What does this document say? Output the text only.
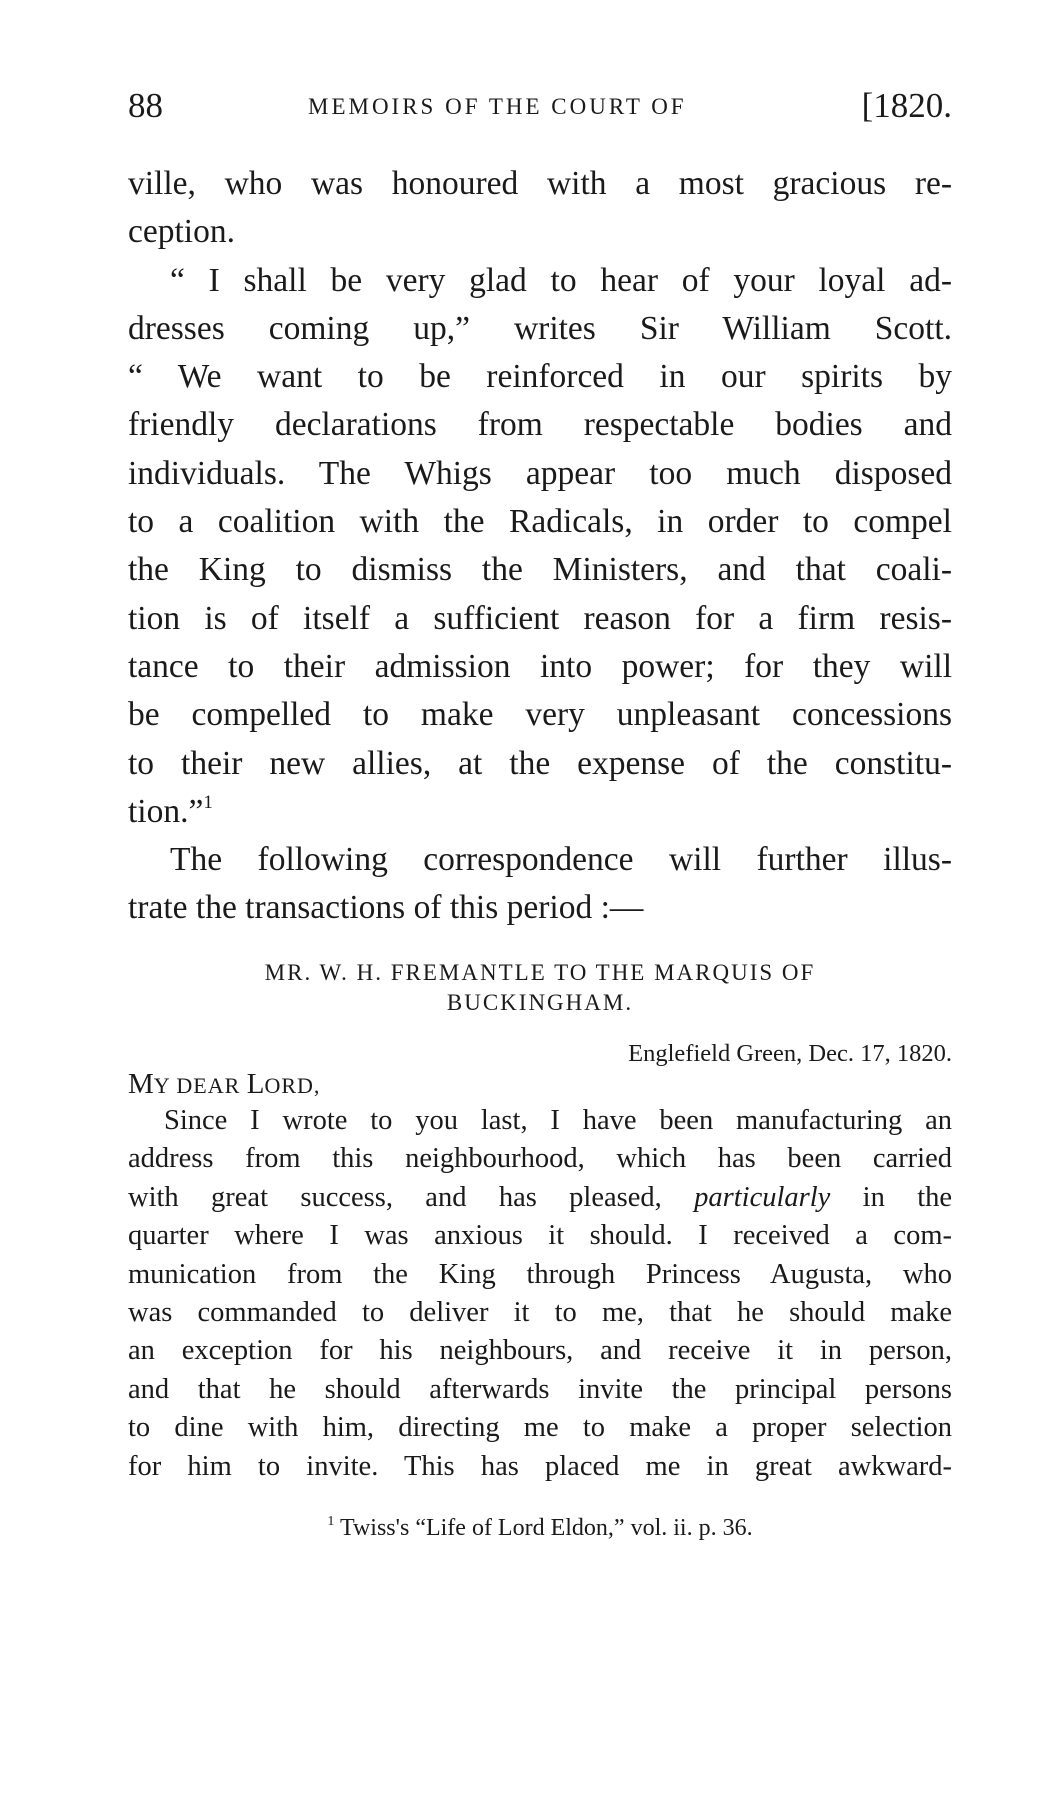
88	MEMOIRS OF THE COURT OF	[1820.
ville, who was honoured with a most gracious re-
ception.
“ I shall be very glad to hear of your loyal ad-
dresses coming up,” writes Sir William Scott.
“ We want to be reinforced in our spirits by
friendly declarations from respectable bodies and
individuals. The Whigs appear too much disposed
to a coalition with the Radicals, in order to compel
the King to dismiss the Ministers, and that coali-
tion is of itself a sufficient reason for a firm resis-
tance to their admission into power; for they will
be compelled to make very unpleasant concessions
to their new allies, at the expense of the constitu-
tion.”$^1$
The following correspondence will further illus-
trate the transactions of this period :—
MR. W. H. FREMANTLE TO THE MARQUIS OF
BUCKINGHAM.
Englefield Green, Dec. 17, 1820.
MY DEAR LORD,
Since I wrote to you last, I have been manufacturing an
address from this neighbourhood, which has been carried
with great success, and has pleased, particularly in the
quarter where I was anxious it should. I received a com-
munication from the King through Princess Augusta, who
was commanded to deliver it to me, that he should make
an exception for his neighbours, and receive it in person,
and that he should afterwards invite the principal persons
to dine with him, directing me to make a proper selection
for him to invite. This has placed me in great awkward-
$^1$ Twiss's “Life of Lord Eldon,” vol. ii. p. 36.
